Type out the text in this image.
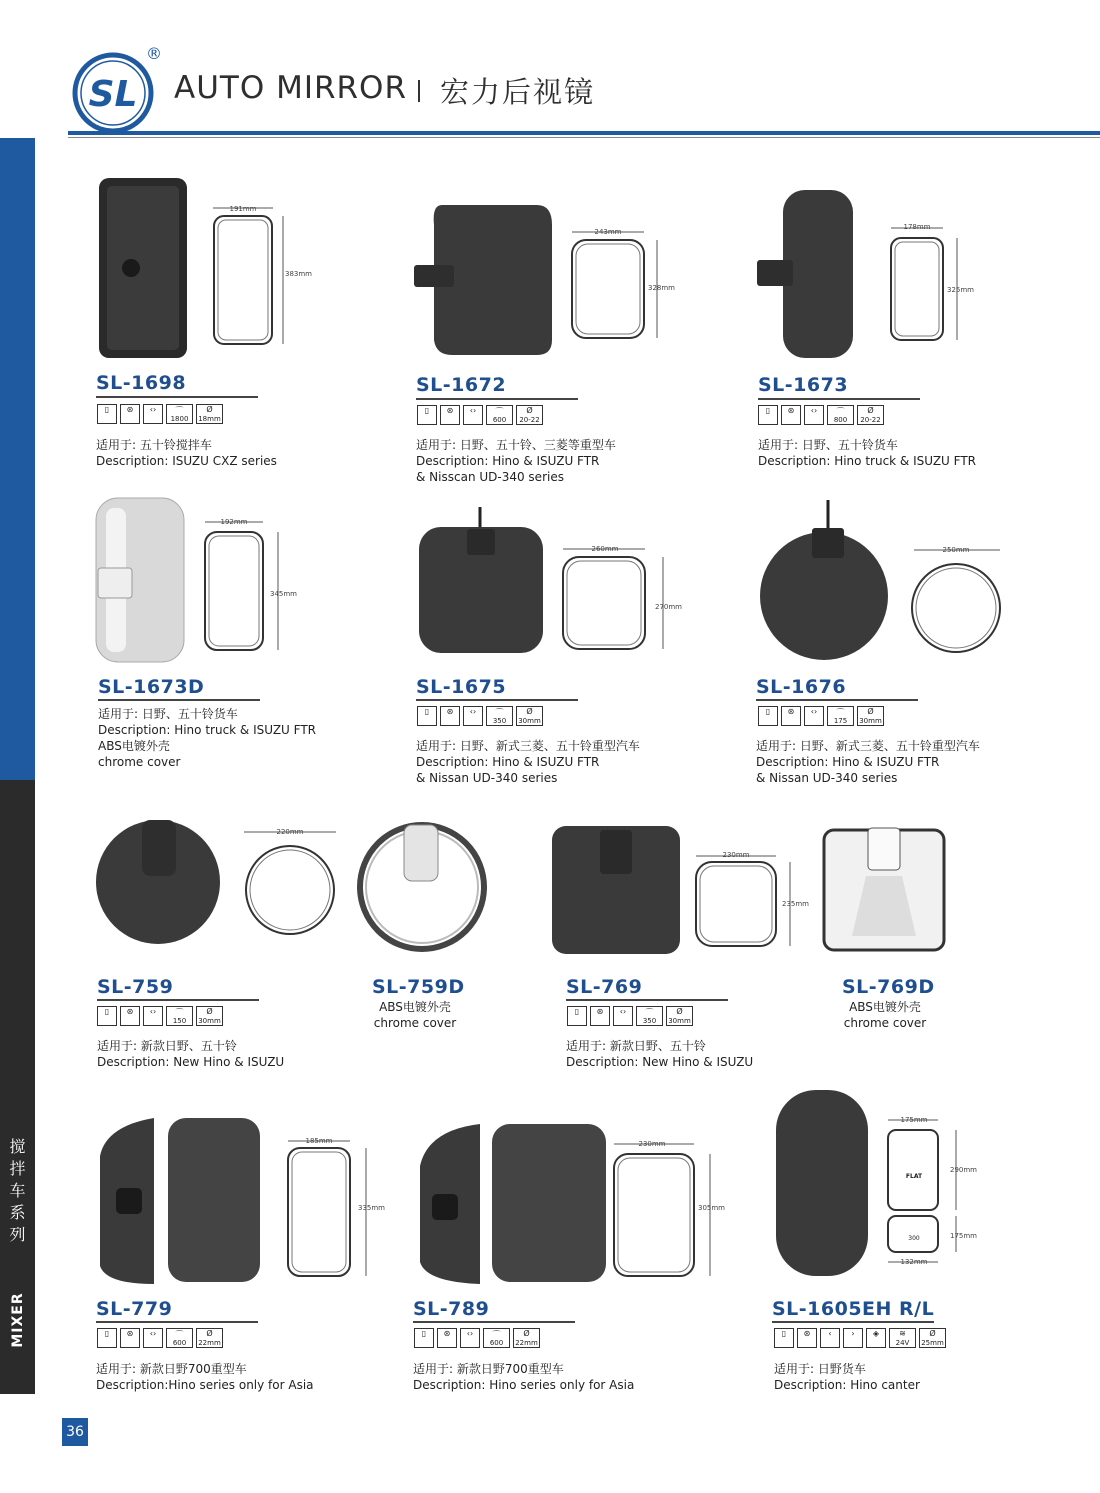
SL
®
AUTO MIRROR 宏力后视镜
搅
拌
车
系
列
MIXER
36
191mm
383mm
243mm
328mm
178mm
325mm
SL-1698
▯	⊛	‹›	⌒
1800
Ø
18mm
适用于: 五十铃搅拌车
Description: ISUZU CXZ series
SL-1672
▯	⊛	‹›	⌒
600
Ø
20-22
适用于: 日野、五十铃、三菱等重型车
Description: Hino & ISUZU FTR
& Nisscan UD-340 series
SL-1673
▯	⊛	‹›	⌒
800
Ø
20-22
适用于: 日野、五十铃货车
Description: Hino truck & ISUZU FTR
192mm
345mm
260mm
270mm
250mm
SL-1673D
适用于: 日野、五十铃货车
Description: Hino truck & ISUZU FTR
ABS电镀外壳
chrome cover
SL-1675
▯	⊛	‹›	⌒
350
Ø
30mm
适用于: 日野、新式三菱、五十铃重型汽车
Description: Hino & ISUZU FTR
& Nissan UD-340 series
SL-1676
▯	⊛	‹›	⌒
175
Ø
30mm
适用于: 日野、新式三菱、五十铃重型汽车
Description: Hino & ISUZU FTR
& Nissan UD-340 series
220mm
230mm
235mm
SL-759
▯	⊛	‹›	⌒
150
Ø
30mm
适用于: 新款日野、五十铃
Description: New Hino & ISUZU
SL-759D
ABS电镀外壳
chrome cover
SL-769
▯	⊛	‹›	⌒
350
Ø
30mm
适用于: 新款日野、五十铃
Description: New Hino & ISUZU
SL-769D
ABS电镀外壳
chrome cover
185mm
335mm
230mm
305mm
175mm
290mm
175mm
132mm
FLAT
300
SL-779
▯	⊛	‹›	⌒
600
Ø
22mm
适用于: 新款日野700重型车
Description:Hino series only for Asia
SL-789
▯	⊛	‹›	⌒
600
Ø
22mm
适用于: 新款日野700重型车
Description: Hino series only for Asia
SL-1605EH R/L
▯	⊛	‹	›	◈	≋
24V
Ø
25mm
适用于: 日野货车
Description: Hino canter
